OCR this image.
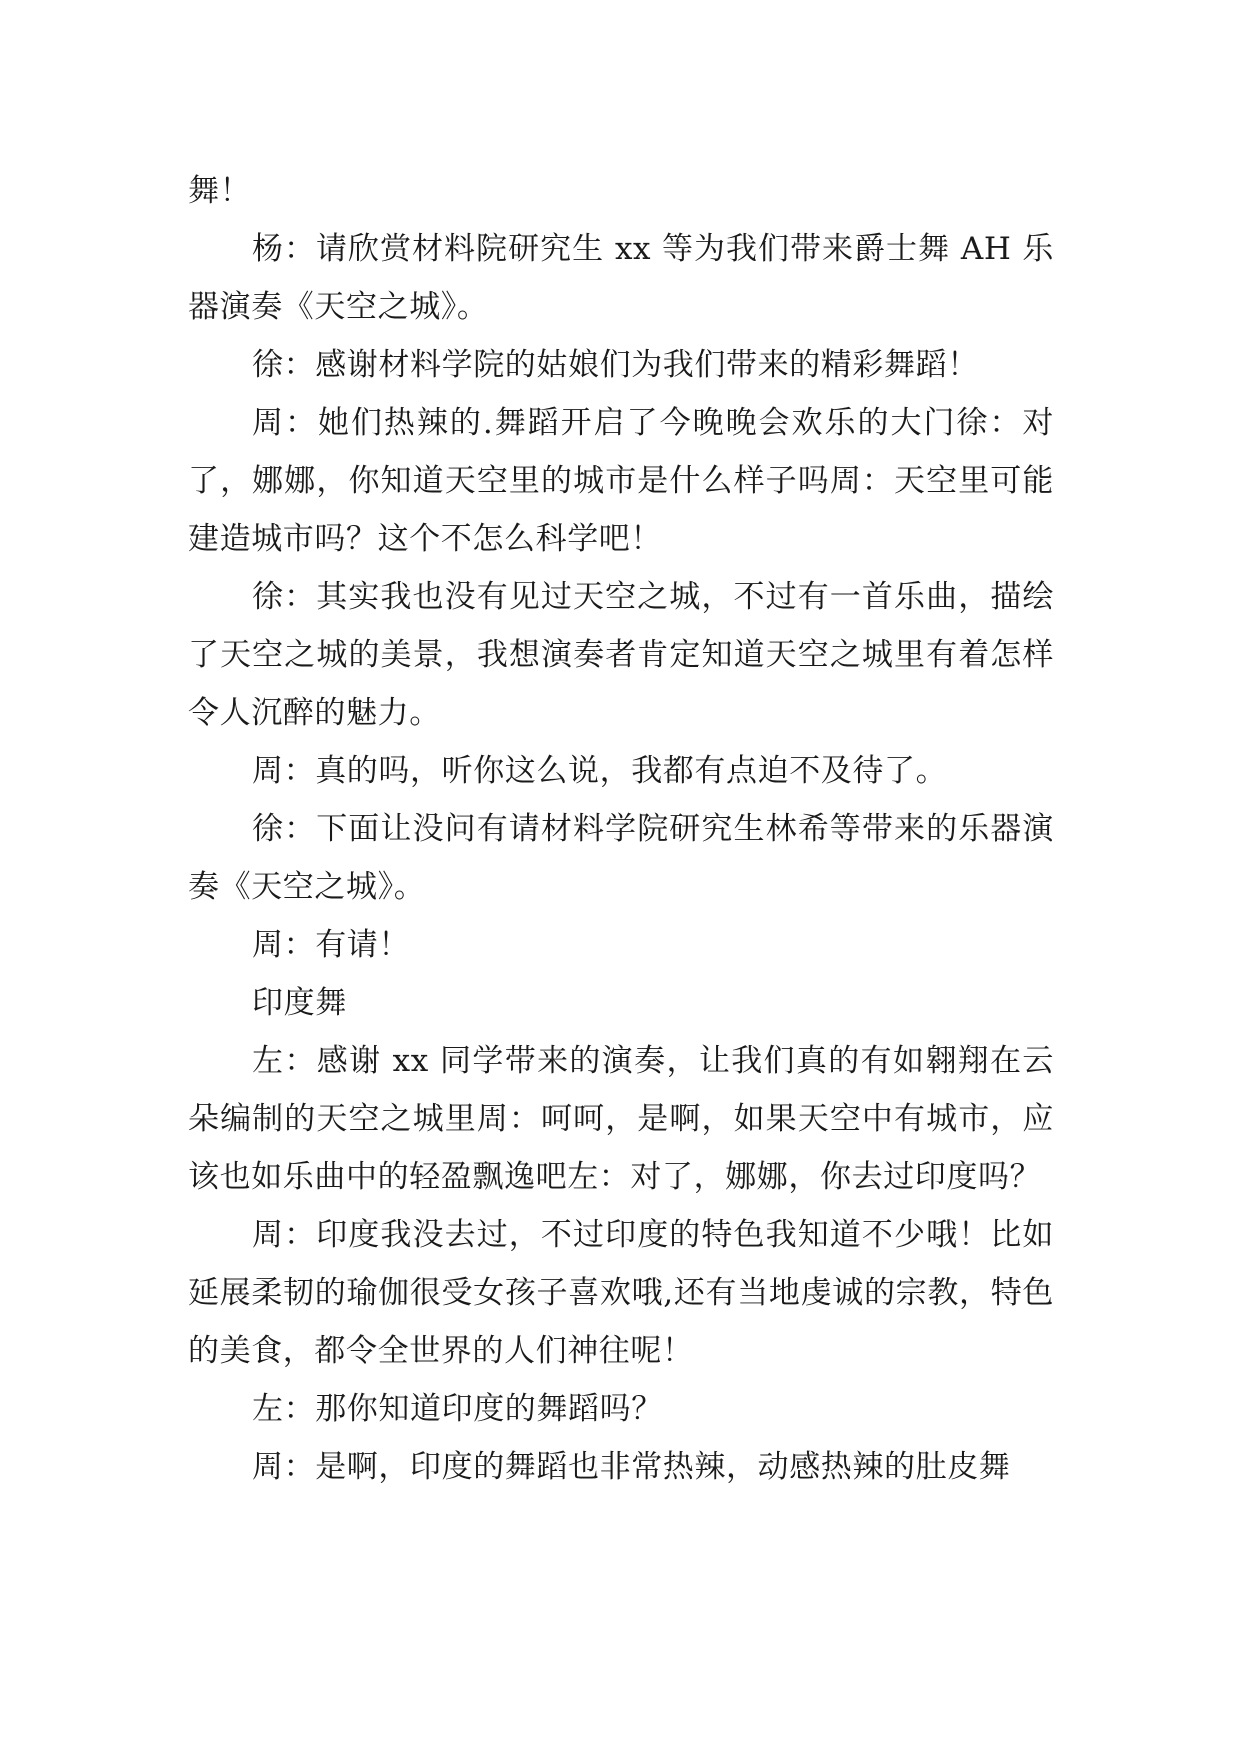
舞！

杨：请欣赏材料院研究生 xx 等为我们带来爵士舞 AH 乐器演奏《天空之城》。

徐：感谢材料学院的姑娘们为我们带来的精彩舞蹈！

周：她们热辣的.舞蹈开启了今晚晚会欢乐的大门徐：对了，娜娜，你知道天空里的城市是什么样子吗周：天空里可能建造城市吗？这个不怎么科学吧！

徐：其实我也没有见过天空之城，不过有一首乐曲，描绘了天空之城的美景，我想演奏者肯定知道天空之城里有着怎样令人沉醉的魅力。

周：真的吗，听你这么说，我都有点迫不及待了。

徐：下面让没问有请材料学院研究生林希等带来的乐器演奏《天空之城》。

周：有请！

印度舞

左：感谢 xx 同学带来的演奏，让我们真的有如翱翔在云朵编制的天空之城里周：呵呵，是啊，如果天空中有城市，应该也如乐曲中的轻盈飘逸吧左：对了，娜娜，你去过印度吗？

周：印度我没去过，不过印度的特色我知道不少哦！比如延展柔韧的瑜伽很受女孩子喜欢哦,还有当地虔诚的宗教，特色的美食，都令全世界的人们神往呢！

左：那你知道印度的舞蹈吗？

周：是啊，印度的舞蹈也非常热辣，动感热辣的肚皮舞
